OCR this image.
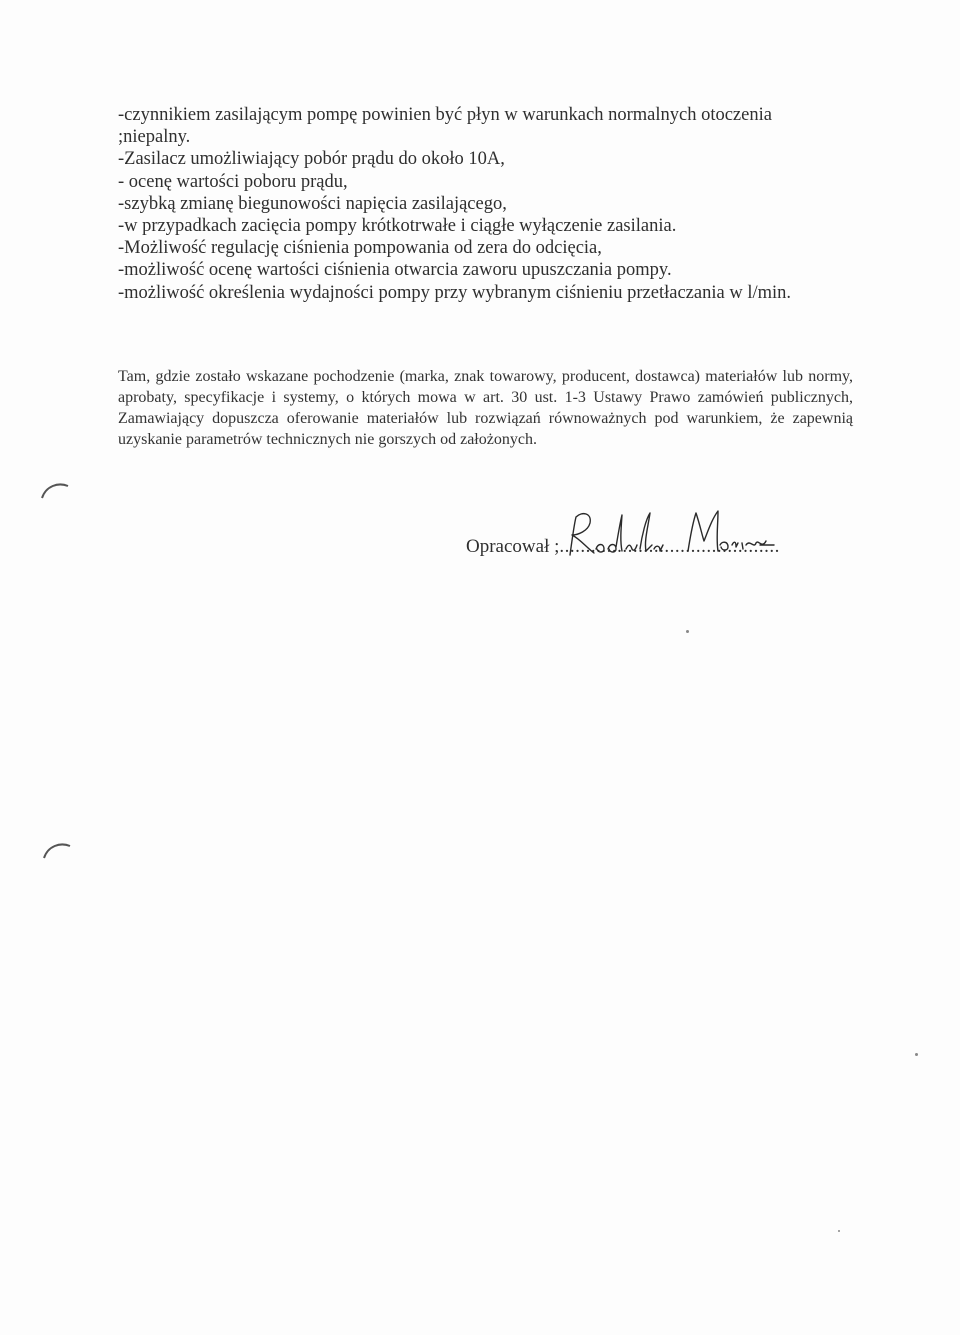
-czynnikiem zasilającym pompę powinien być płyn w warunkach normalnych otoczenia
;niepalny.
-Zasilacz umożliwiający pobór prądu do około 10A,
- ocenę wartości poboru prądu,
-szybką zmianę biegunowości napięcia zasilającego,
-w przypadkach zacięcia pompy krótkotrwałe i ciągłe wyłączenie zasilania.
-Możliwość regulację ciśnienia pompowania od zera do odcięcia,
-możliwość ocenę wartości ciśnienia otwarcia zaworu upuszczania pompy.
-możliwość określenia wydajności pompy przy wybranym ciśnieniu przetłaczania w l/min.

Tam, gdzie zostało wskazane pochodzenie (marka, znak towarowy, producent, dostawca) materiałów lub normy, aprobaty, specyfikacje i systemy, o których mowa w art. 30 ust. 1-3 Ustawy Prawo zamówień publicznych, Zamawiający dopuszcza oferowanie materiałów lub rozwiązań równoważnych pod warunkiem, że zapewnią uzyskanie parametrów technicznych nie gorszych od założonych.

Opracował ;..........................................
